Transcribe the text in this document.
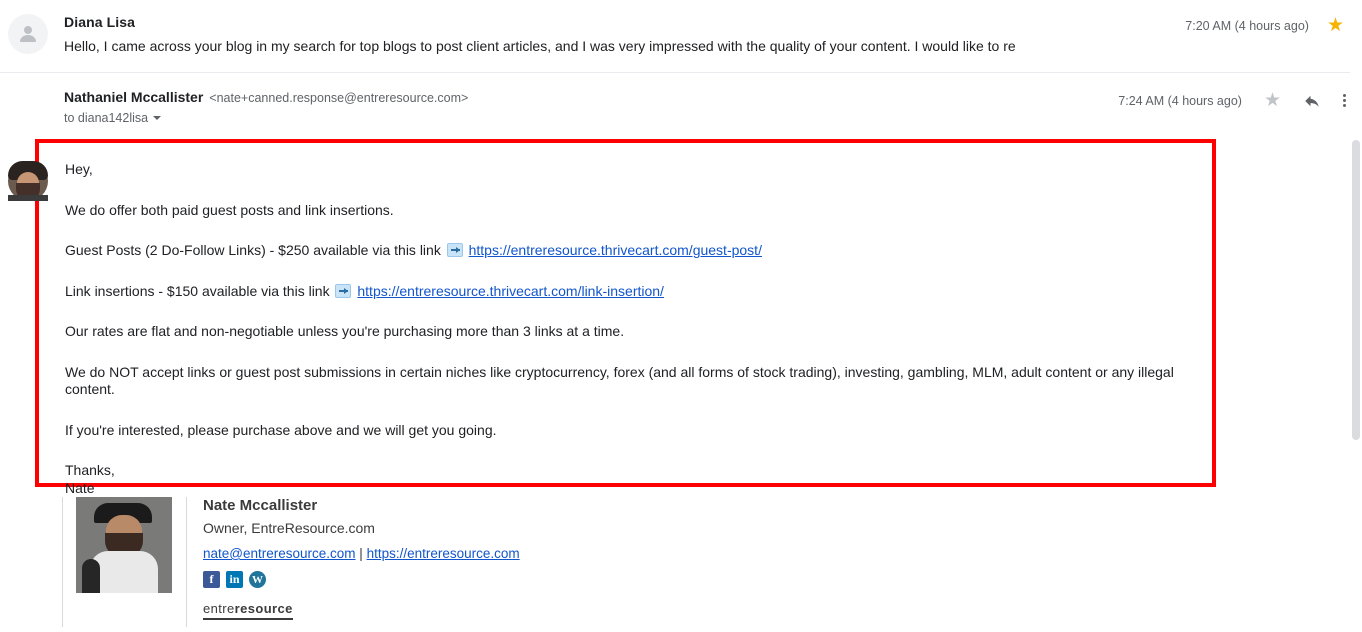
Diana Lisa
Hello, I came across your blog in my search for top blogs to post client articles, and I was very impressed with the quality of your content. I would like to re
7:20 AM (4 hours ago) ★
Nathaniel Mccallister <nate+canned.response@entreresource.com>
to diana142lisa
7:24 AM (4 hours ago) ★

Hey,

We do offer both paid guest posts and link insertions.

Guest Posts (2 Do-Follow Links) - $250 available via this link https://entreresource.thrivecart.com/guest-post/

Link insertions - $150 available via this link https://entreresource.thrivecart.com/link-insertion/

Our rates are flat and non-negotiable unless you're purchasing more than 3 links at a time.

We do NOT accept links or guest post submissions in certain niches like cryptocurrency, forex (and all forms of stock trading), investing, gambling, MLM, adult content or any illegal content.

If you're interested, please purchase above and we will get you going.

Thanks,

Nate

Nate Mccallister
Owner, EntreResource.com
nate@entreresource.com | https://entreresource.com
f	in	W
entreresource
